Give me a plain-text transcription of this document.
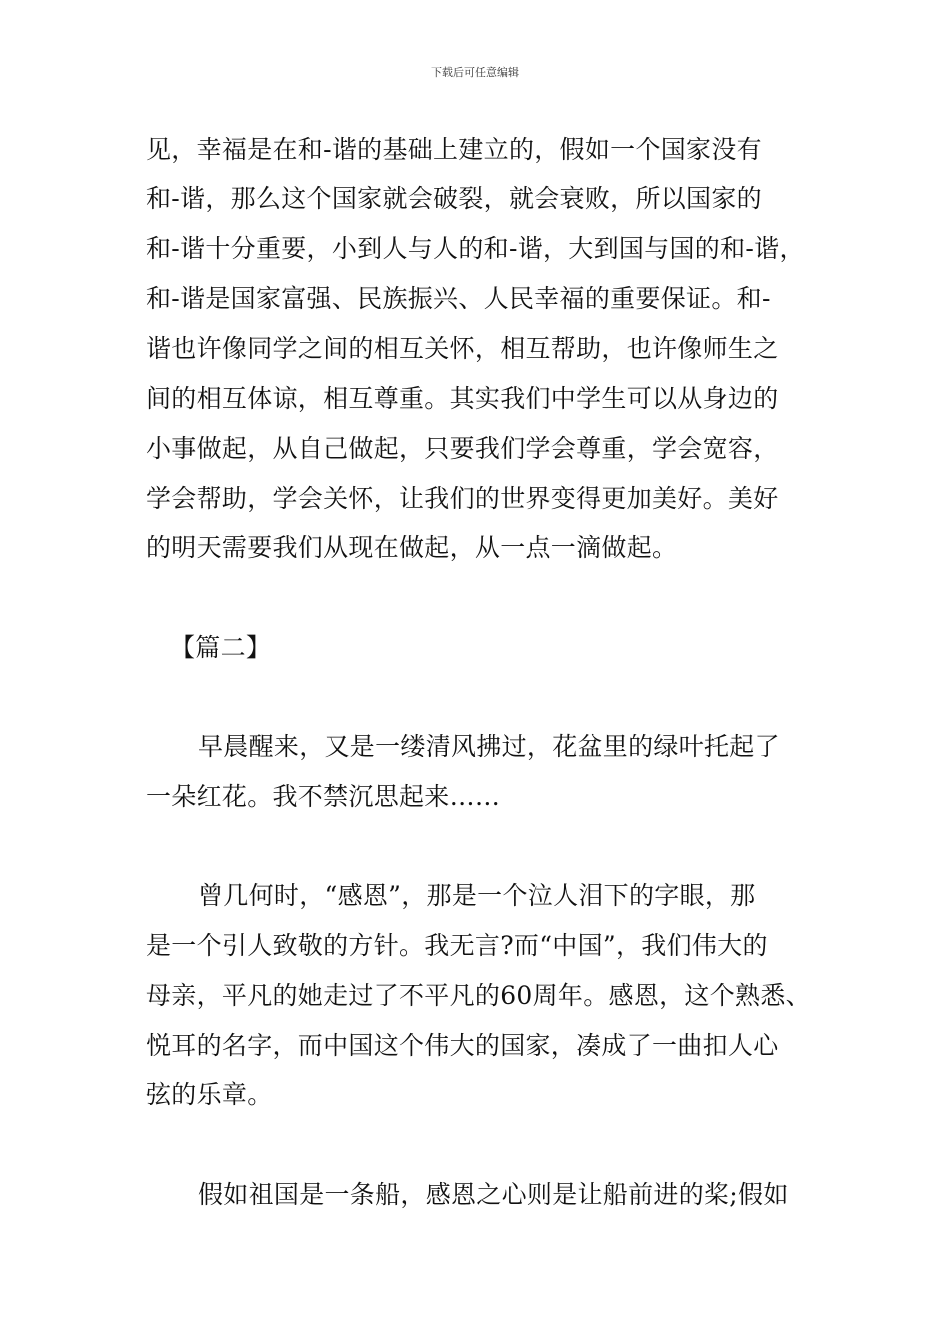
下载后可任意编辑
见，幸福是在和-谐的基础上建立的，假如一个国家没有
和-谐，那么这个国家就会破裂，就会衰败，所以国家的
和-谐十分重要，小到人与人的和-谐，大到国与国的和-谐，
和-谐是国家富强、民族振兴、人民幸福的重要保证。和-
谐也许像同学之间的相互关怀，相互帮助，也许像师生之
间的相互体谅，相互尊重。其实我们中学生可以从身边的
小事做起，从自己做起，只要我们学会尊重，学会宽容，
学会帮助，学会关怀，让我们的世界变得更加美好。美好
的明天需要我们从现在做起，从一点一滴做起。
【篇二】
早晨醒来，又是一缕清风拂过，花盆里的绿叶托起了
一朵红花。我不禁沉思起来……
曾几何时，“感恩”，那是一个泣人泪下的字眼，那
是一个引人致敬的方针。我无言?而“中国”，我们伟大的
母亲，平凡的她走过了不平凡的60周年。感恩，这个熟悉、
悦耳的名字，而中国这个伟大的国家，凑成了一曲扣人心
弦的乐章。
假如祖国是一条船，感恩之心则是让船前进的桨;假如
